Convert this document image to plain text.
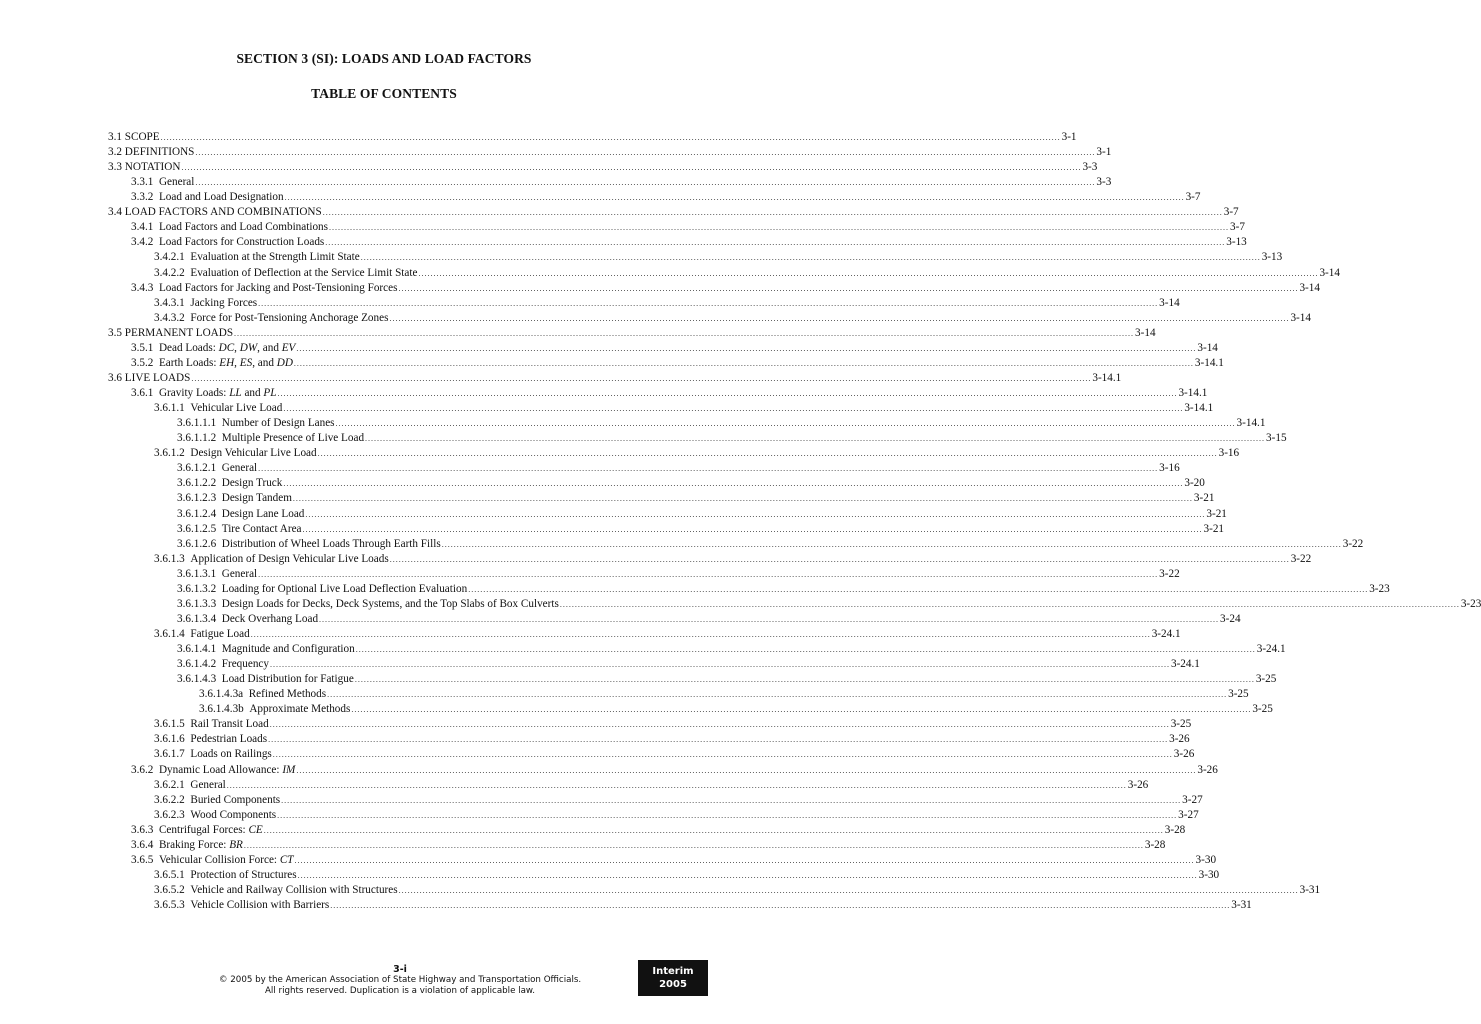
SECTION 3 (SI): LOADS AND LOAD FACTORS
TABLE OF CONTENTS
3.1 SCOPE ............................................................................................................................................................................................................................................................................................................ 3-1
3.2 DEFINITIONS ............................................................................................................................................................................................................................................................................................................ 3-1
3.3 NOTATION ............................................................................................................................................................................................................................................................................................................ 3-3
3.3.1  General ............................................................................................................................................................................................................................................................................................................ 3-3
3.3.2  Load and Load Designation ............................................................................................................................................................................................................................................................................................................ 3-7
3.4 LOAD FACTORS AND COMBINATIONS ............................................................................................................................................................................................................................................................................................................ 3-7
3.4.1  Load Factors and Load Combinations ............................................................................................................................................................................................................................................................................................................ 3-7
3.4.2  Load Factors for Construction Loads ............................................................................................................................................................................................................................................................................................................ 3-13
3.4.2.1  Evaluation at the Strength Limit State ............................................................................................................................................................................................................................................................................................................ 3-13
3.4.2.2  Evaluation of Deflection at the Service Limit State ............................................................................................................................................................................................................................................................................................................ 3-14
3.4.3  Load Factors for Jacking and Post-Tensioning Forces ............................................................................................................................................................................................................................................................................................................ 3-14
3.4.3.1  Jacking Forces ............................................................................................................................................................................................................................................................................................................ 3-14
3.4.3.2  Force for Post-Tensioning Anchorage Zones ............................................................................................................................................................................................................................................................................................................ 3-14
3.5 PERMANENT LOADS ............................................................................................................................................................................................................................................................................................................ 3-14
3.5.1  Dead Loads: DC, DW, and EV ............................................................................................................................................................................................................................................................................................................ 3-14
3.5.2  Earth Loads: EH, ES, and DD ............................................................................................................................................................................................................................................................................................................ 3-14.1
3.6 LIVE LOADS ............................................................................................................................................................................................................................................................................................................ 3-14.1
3.6.1  Gravity Loads: LL and PL ............................................................................................................................................................................................................................................................................................................ 3-14.1
3.6.1.1  Vehicular Live Load ............................................................................................................................................................................................................................................................................................................ 3-14.1
3.6.1.1.1  Number of Design Lanes ............................................................................................................................................................................................................................................................................................................ 3-14.1
3.6.1.1.2  Multiple Presence of Live Load ............................................................................................................................................................................................................................................................................................................ 3-15
3.6.1.2  Design Vehicular Live Load ............................................................................................................................................................................................................................................................................................................ 3-16
3.6.1.2.1  General ............................................................................................................................................................................................................................................................................................................ 3-16
3.6.1.2.2  Design Truck ............................................................................................................................................................................................................................................................................................................ 3-20
3.6.1.2.3  Design Tandem ............................................................................................................................................................................................................................................................................................................ 3-21
3.6.1.2.4  Design Lane Load ............................................................................................................................................................................................................................................................................................................ 3-21
3.6.1.2.5  Tire Contact Area ............................................................................................................................................................................................................................................................................................................ 3-21
3.6.1.2.6  Distribution of Wheel Loads Through Earth Fills ............................................................................................................................................................................................................................................................................................................ 3-22
3.6.1.3  Application of Design Vehicular Live Loads ............................................................................................................................................................................................................................................................................................................ 3-22
3.6.1.3.1  General ............................................................................................................................................................................................................................................................................................................ 3-22
3.6.1.3.2  Loading for Optional Live Load Deflection Evaluation ............................................................................................................................................................................................................................................................................................................ 3-23
3.6.1.3.3  Design Loads for Decks, Deck Systems, and the Top Slabs of Box Culverts ............................................................................................................................................................................................................................................................................................................ 3-23
3.6.1.3.4  Deck Overhang Load ............................................................................................................................................................................................................................................................................................................ 3-24
3.6.1.4  Fatigue Load ............................................................................................................................................................................................................................................................................................................ 3-24.1
3.6.1.4.1  Magnitude and Configuration ............................................................................................................................................................................................................................................................................................................ 3-24.1
3.6.1.4.2  Frequency ............................................................................................................................................................................................................................................................................................................ 3-24.1
3.6.1.4.3  Load Distribution for Fatigue ............................................................................................................................................................................................................................................................................................................ 3-25
3.6.1.4.3a  Refined Methods ............................................................................................................................................................................................................................................................................................................ 3-25
3.6.1.4.3b  Approximate Methods ............................................................................................................................................................................................................................................................................................................ 3-25
3.6.1.5  Rail Transit Load ............................................................................................................................................................................................................................................................................................................ 3-25
3.6.1.6  Pedestrian Loads ............................................................................................................................................................................................................................................................................................................ 3-26
3.6.1.7  Loads on Railings ............................................................................................................................................................................................................................................................................................................ 3-26
3.6.2  Dynamic Load Allowance: IM ............................................................................................................................................................................................................................................................................................................ 3-26
3.6.2.1  General ............................................................................................................................................................................................................................................................................................................ 3-26
3.6.2.2  Buried Components ............................................................................................................................................................................................................................................................................................................ 3-27
3.6.2.3  Wood Components ............................................................................................................................................................................................................................................................................................................ 3-27
3.6.3  Centrifugal Forces: CE ............................................................................................................................................................................................................................................................................................................ 3-28
3.6.4  Braking Force: BR ............................................................................................................................................................................................................................................................................................................ 3-28
3.6.5  Vehicular Collision Force: CT ............................................................................................................................................................................................................................................................................................................ 3-30
3.6.5.1  Protection of Structures ............................................................................................................................................................................................................................................................................................................ 3-30
3.6.5.2  Vehicle and Railway Collision with Structures ............................................................................................................................................................................................................................................................................................................ 3-31
3.6.5.3  Vehicle Collision with Barriers ............................................................................................................................................................................................................................................................................................................ 3-31
3-i
© 2005 by the American Association of State Highway and Transportation Officials.
All rights reserved. Duplication is a violation of applicable law.
Interim
2005
